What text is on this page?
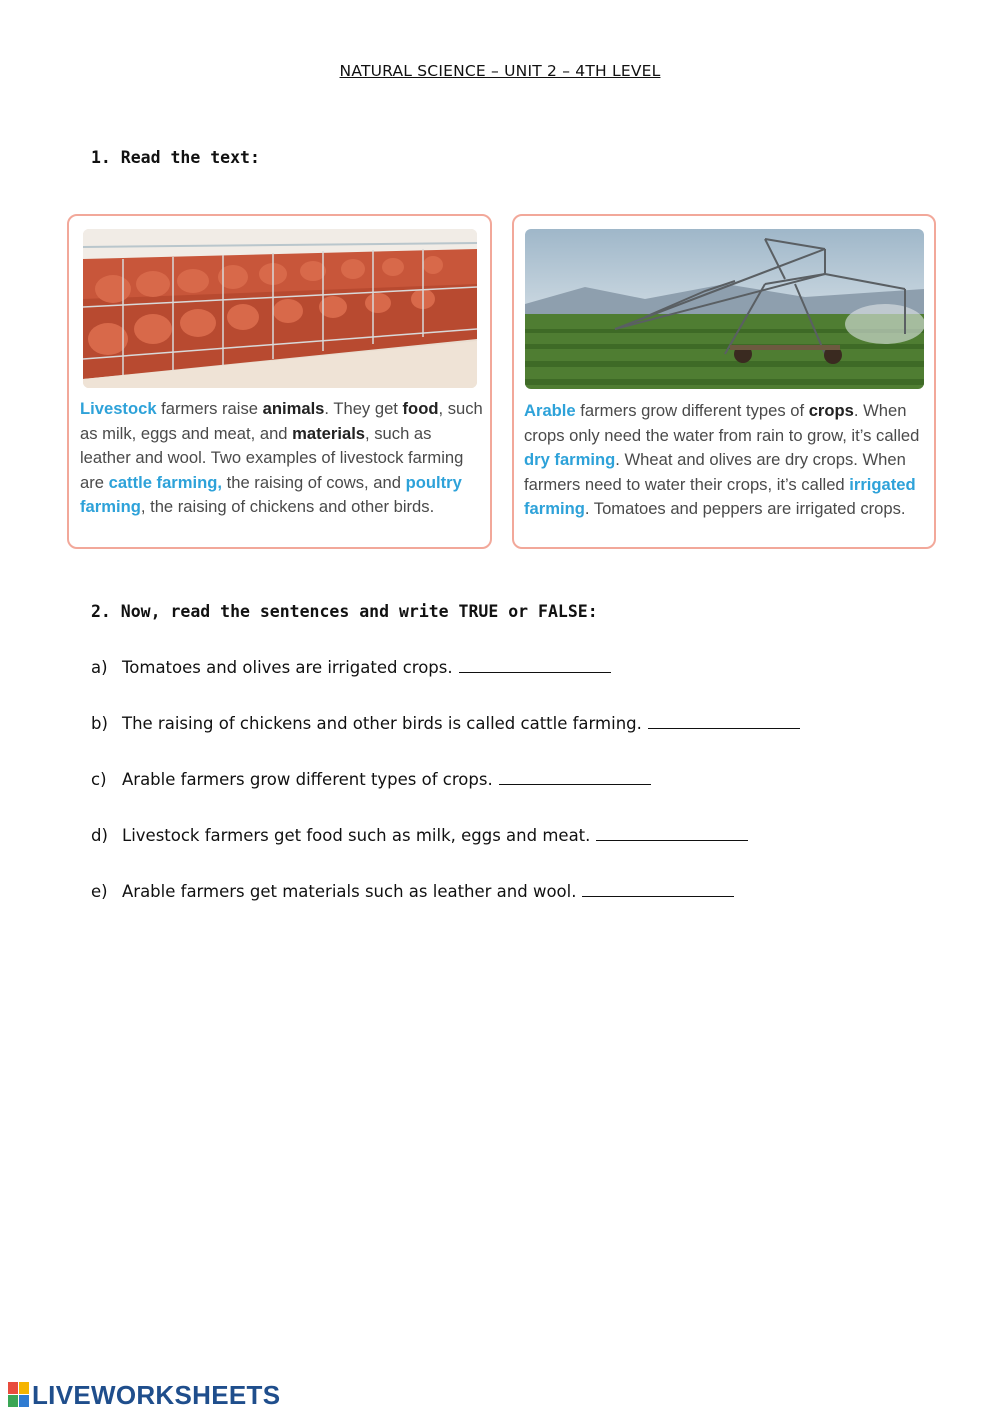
NATURAL SCIENCE – UNIT 2 – 4TH LEVEL
1. Read the text:
Livestock farmers raise animals. They get food, such as milk, eggs and meat, and materials, such as leather and wool. Two examples of livestock farming are cattle farming, the raising of cows, and poultry farming, the raising of chickens and other birds.
Arable farmers grow different types of crops. When crops only need the water from rain to grow, it’s called dry farming. Wheat and olives are dry crops. When farmers need to water their crops, it’s called irrigated farming. Tomatoes and peppers are irrigated crops.
2. Now, read the sentences and write TRUE or FALSE:
a) Tomatoes and olives are irrigated crops.
b) The raising of chickens and other birds is called cattle farming.
c) Arable farmers grow different types of crops.
d) Livestock farmers get food such as milk, eggs and meat.
e) Arable farmers get materials such as leather and wool.
LIVEWORKSHEETS
